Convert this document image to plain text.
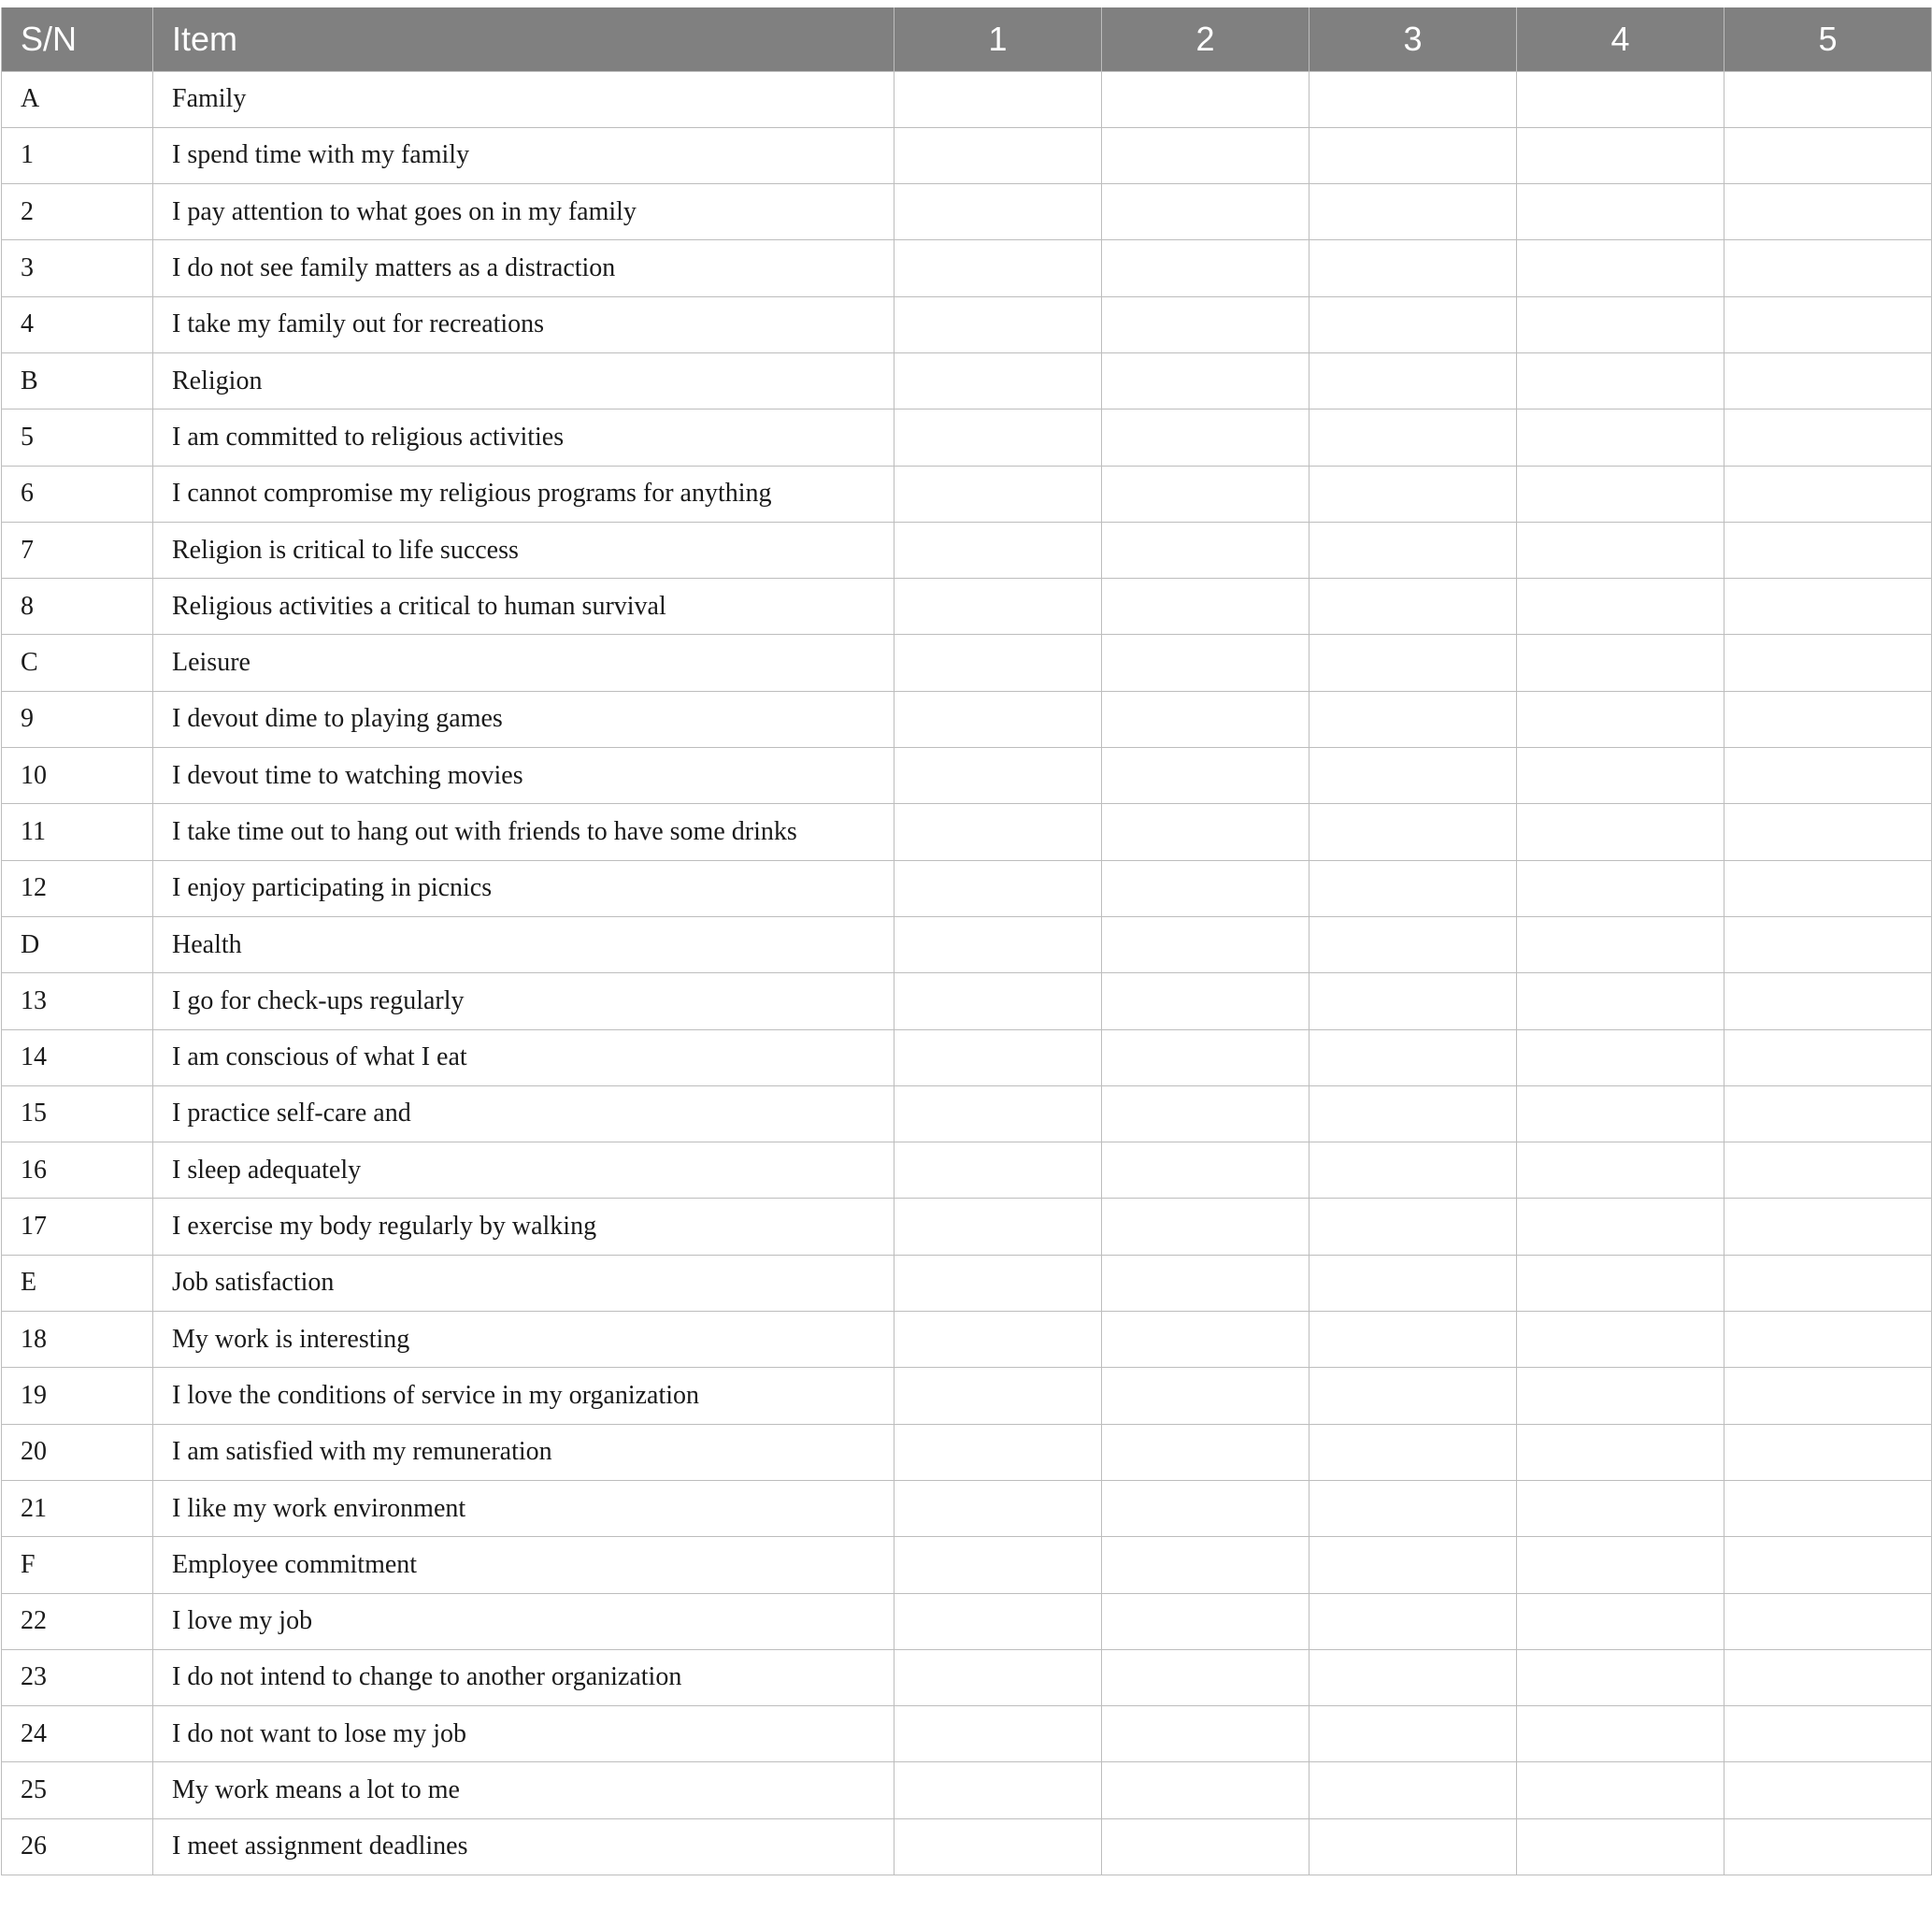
S/N	Item	1	2	3	4	5
A	Family					
1	I spend time with my family					
2	I pay attention to what goes on in my family					
3	I do not see family matters as a distraction					
4	I take my family out for recreations					
B	Religion					
5	I am committed to religious activities					
6	I cannot compromise my religious programs for anything					
7	Religion is critical to life success					
8	Religious activities a critical to human survival					
C	Leisure					
9	I devout dime to playing games					
10	I devout time to watching movies					
11	I take time out to hang out with friends to have some drinks					
12	I enjoy participating in picnics					
D	Health					
13	I go for check-ups regularly					
14	I am conscious of what I eat					
15	I practice self-care and					
16	I sleep adequately					
17	I exercise my body regularly by walking					
E	Job satisfaction					
18	My work is interesting					
19	I love the conditions of service in my organization					
20	I am satisfied with my remuneration					
21	I like my work environment					
F	Employee commitment					
22	I love my job					
23	I do not intend to change to another organization					
24	I do not want to lose my job					
25	My work means a lot to me					
26	I meet assignment deadlines					
